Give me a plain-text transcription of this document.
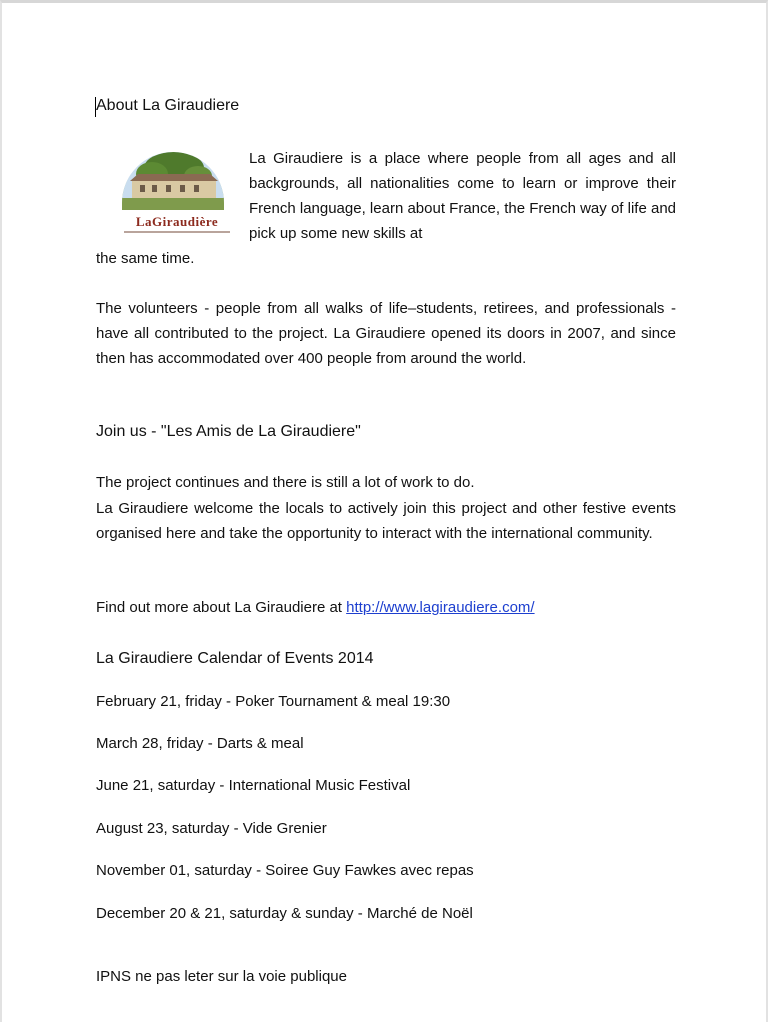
About La Giraudiere
LaGiraudière
La Giraudiere is a place where people from all ages and all backgrounds, all nationalities come to learn or improve their French language, learn about France, the French way of life and pick up some new skills at
the same time.
The volunteers - people from all walks of life–students, retirees, and professionals - have all contributed to the project. La Giraudiere opened its doors in 2007, and since then has accommodated over 400 people from around the world.
Join us - "Les Amis de La Giraudiere"
The project continues and there is still a lot of work to do.
La Giraudiere welcome the locals to actively join this project and other festive events organised here and take the opportunity to interact with the international community.
Find out more about La Giraudiere at http://www.lagiraudiere.com/
La Giraudiere Calendar of Events 2014
February 21, friday - Poker Tournament & meal 19:30
March 28, friday - Darts & meal
June 21, saturday - International Music Festival
August 23, saturday - Vide Grenier
November 01, saturday - Soiree Guy Fawkes avec repas
December 20 & 21, saturday & sunday - Marché de Noël
IPNS ne pas leter sur la voie publique
